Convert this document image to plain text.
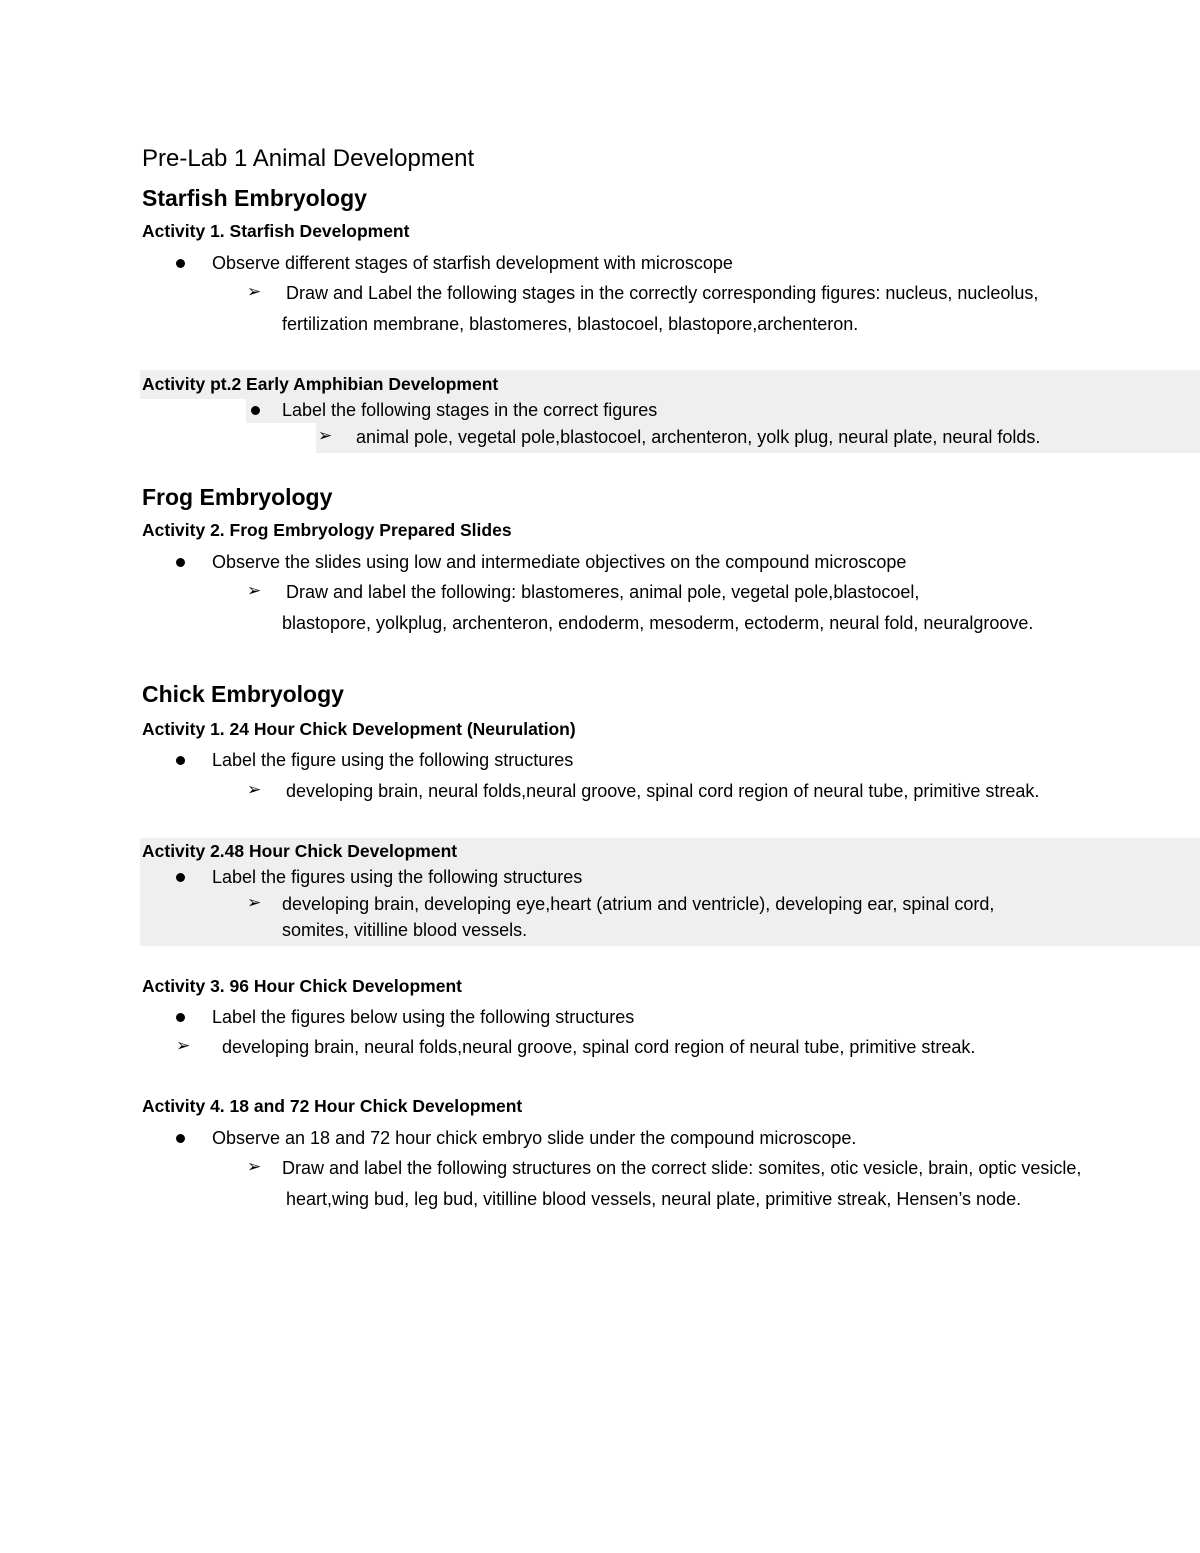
Pre-Lab 1 Animal Development
Starfish Embryology
Activity 1. Starfish Development
Observe different stages of starfish development with microscope
➢ Draw and Label the following stages in the correctly corresponding figures: nucleus, nucleolus,
fertilization membrane, blastomeres, blastocoel, blastopore,archenteron.
Activity pt.2 Early Amphibian Development
Label the following stages in the correct figures
➢ animal pole, vegetal pole,blastocoel, archenteron, yolk plug, neural plate, neural folds.
Frog Embryology
Activity 2. Frog Embryology Prepared Slides
Observe the slides using low and intermediate objectives on the compound microscope
➢ Draw and label the following: blastomeres, animal pole, vegetal pole,blastocoel,
blastopore, yolkplug, archenteron, endoderm, mesoderm, ectoderm, neural fold, neuralgroove.
Chick Embryology
Activity 1. 24 Hour Chick Development (Neurulation)
Label the figure using the following structures
➢ developing brain, neural folds,neural groove, spinal cord region of neural tube, primitive streak.
Activity 2.48 Hour Chick Development
Label the figures using the following structures
➢ developing brain, developing eye,heart (atrium and ventricle), developing ear, spinal cord,
somites, vitilline blood vessels.
Activity 3. 96 Hour Chick Development
Label the figures below using the following structures
➢ developing brain, neural folds,neural groove, spinal cord region of neural tube, primitive streak.
Activity 4. 18 and 72 Hour Chick Development
Observe an 18 and 72 hour chick embryo slide under the compound microscope.
➢ Draw and label the following structures on the correct slide: somites, otic vesicle, brain, optic vesicle,
heart,wing bud, leg bud, vitilline blood vessels, neural plate, primitive streak, Hensen’s node.
